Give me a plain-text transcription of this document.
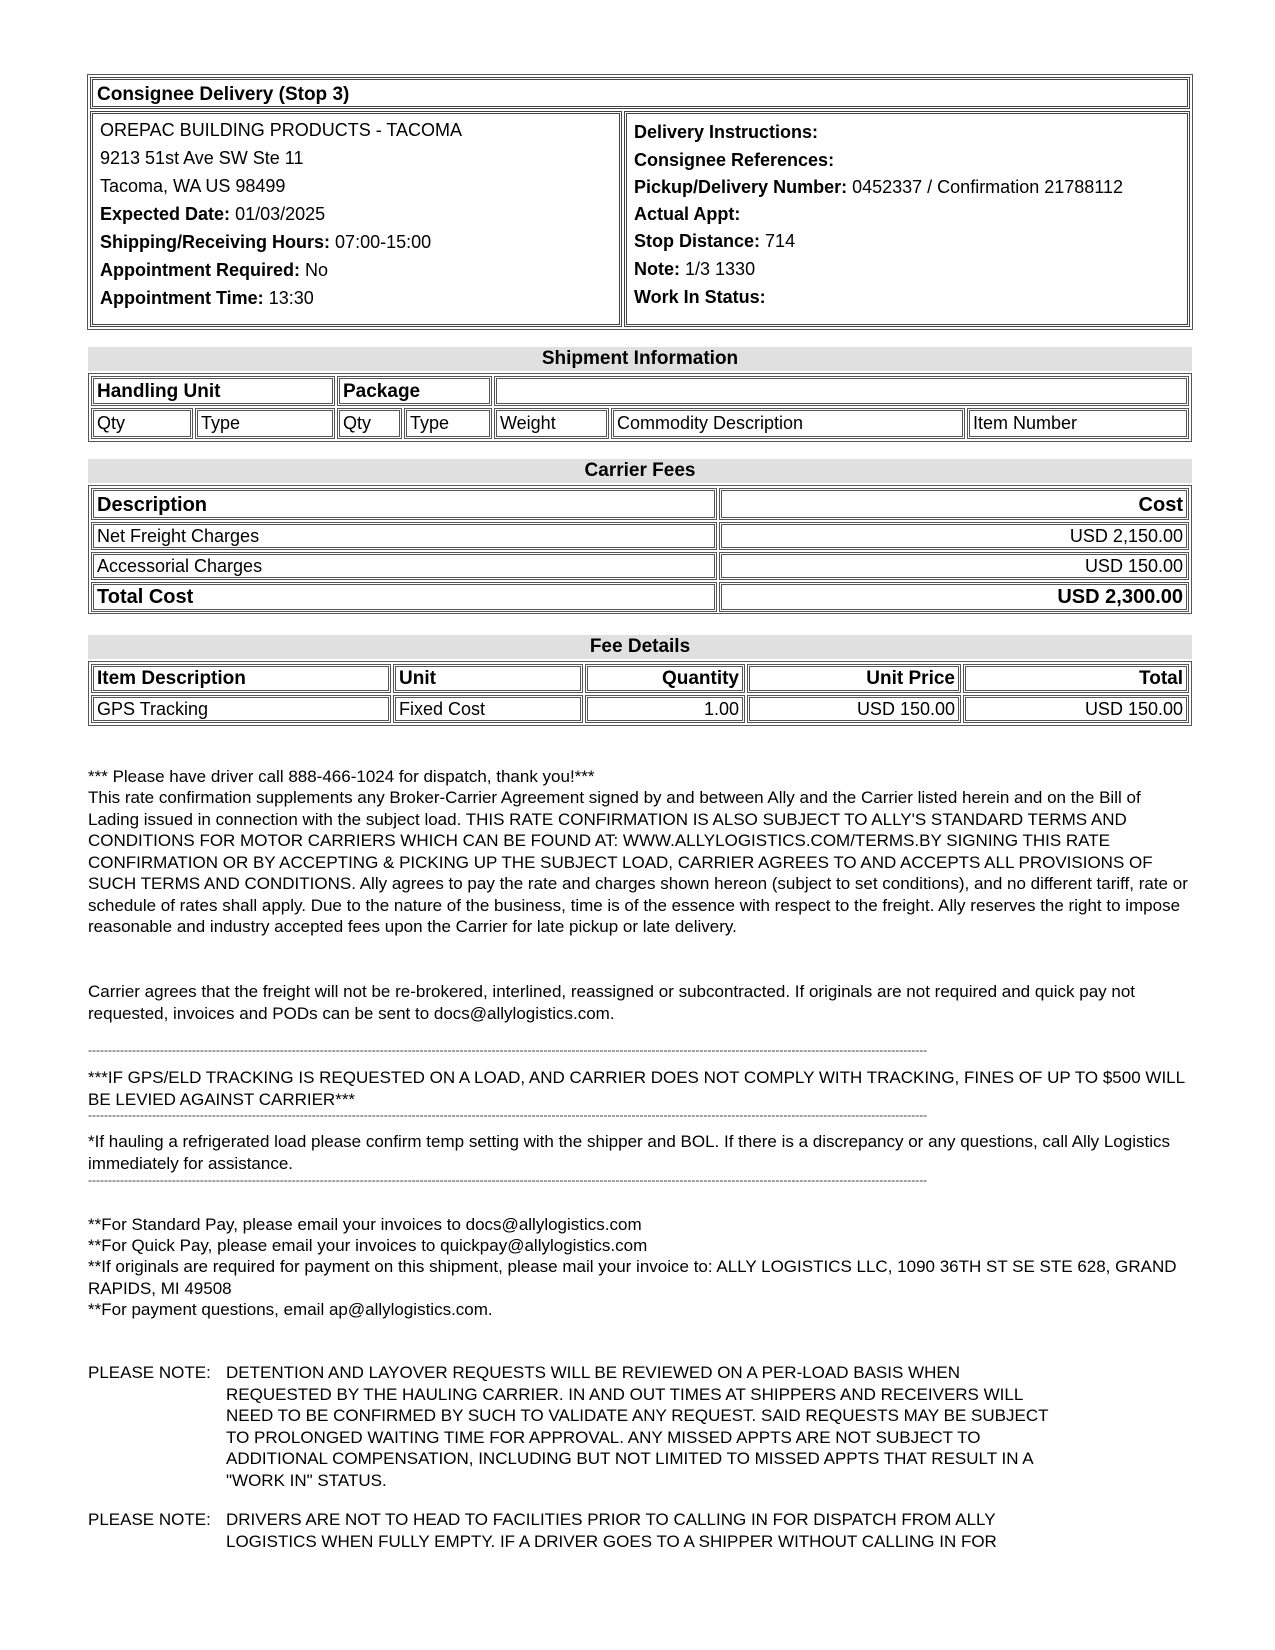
Consignee Delivery (Stop 3)
OREPAC BUILDING PRODUCTS - TACOMA
9213 51st Ave SW Ste 11
Tacoma, WA US 98499
Expected Date: 01/03/2025
Shipping/Receiving Hours: 07:00-15:00
Appointment Required: No
Appointment Time: 13:30
Delivery Instructions:
Consignee References:
Pickup/Delivery Number: 0452337 / Confirmation 21788112
Actual Appt:
Stop Distance: 714
Note: 1/3 1330
Work In Status:
Shipment Information
Handling Unit	Package
Qty	Type	Qty	Type	Weight	Commodity Description	Item Number
Carrier Fees
Description	Cost
Net Freight Charges	USD 2,150.00
Accessorial Charges	USD 150.00
Total Cost	USD 2,300.00
Fee Details
Item Description	Unit	Quantity	Unit Price	Total
GPS Tracking	Fixed Cost	1.00	USD 150.00	USD 150.00
*** Please have driver call 888-466-1024 for dispatch, thank you!***
This rate confirmation supplements any Broker-Carrier Agreement signed by and between Ally and the Carrier listed herein and on the Bill of Lading issued in connection with the subject load. THIS RATE CONFIRMATION IS ALSO SUBJECT TO ALLY'S STANDARD TERMS AND CONDITIONS FOR MOTOR CARRIERS WHICH CAN BE FOUND AT: WWW.ALLYLOGISTICS.COM/TERMS.BY SIGNING THIS RATE CONFIRMATION OR BY ACCEPTING & PICKING UP THE SUBJECT LOAD, CARRIER AGREES TO AND ACCEPTS ALL PROVISIONS OF SUCH TERMS AND CONDITIONS. Ally agrees to pay the rate and charges shown hereon (subject to set conditions), and no different tariff, rate or schedule of rates shall apply. Due to the nature of the business, time is of the essence with respect to the freight. Ally reserves the right to impose reasonable and industry accepted fees upon the Carrier for late pickup or late delivery.
Carrier agrees that the freight will not be re-brokered, interlined, reassigned or subcontracted. If originals are not required and quick pay not requested, invoices and PODs can be sent to docs@allylogistics.com.
------------------------------------------------------------------------------------------------------------------------------------------------------------------------------------------------------------------
***IF GPS/ELD TRACKING IS REQUESTED ON A LOAD, AND CARRIER DOES NOT COMPLY WITH TRACKING, FINES OF UP TO $500 WILL BE LEVIED AGAINST CARRIER***
------------------------------------------------------------------------------------------------------------------------------------------------------------------------------------------------------------------
*If hauling a refrigerated load please confirm temp setting with the shipper and BOL. If there is a discrepancy or any questions, call Ally Logistics immediately for assistance.
------------------------------------------------------------------------------------------------------------------------------------------------------------------------------------------------------------------
**For Standard Pay, please email your invoices to docs@allylogistics.com
**For Quick Pay, please email your invoices to quickpay@allylogistics.com
**If originals are required for payment on this shipment, please mail your invoice to: ALLY LOGISTICS LLC, 1090 36TH ST SE STE 628, GRAND RAPIDS, MI 49508
**For payment questions, email ap@allylogistics.com.
PLEASE NOTE: DETENTION AND LAYOVER REQUESTS WILL BE REVIEWED ON A PER-LOAD BASIS WHEN REQUESTED BY THE HAULING CARRIER. IN AND OUT TIMES AT SHIPPERS AND RECEIVERS WILL NEED TO BE CONFIRMED BY SUCH TO VALIDATE ANY REQUEST. SAID REQUESTS MAY BE SUBJECT TO PROLONGED WAITING TIME FOR APPROVAL. ANY MISSED APPTS ARE NOT SUBJECT TO ADDITIONAL COMPENSATION, INCLUDING BUT NOT LIMITED TO MISSED APPTS THAT RESULT IN A "WORK IN" STATUS.
PLEASE NOTE: DRIVERS ARE NOT TO HEAD TO FACILITIES PRIOR TO CALLING IN FOR DISPATCH FROM ALLY LOGISTICS WHEN FULLY EMPTY. IF A DRIVER GOES TO A SHIPPER WITHOUT CALLING IN FOR
